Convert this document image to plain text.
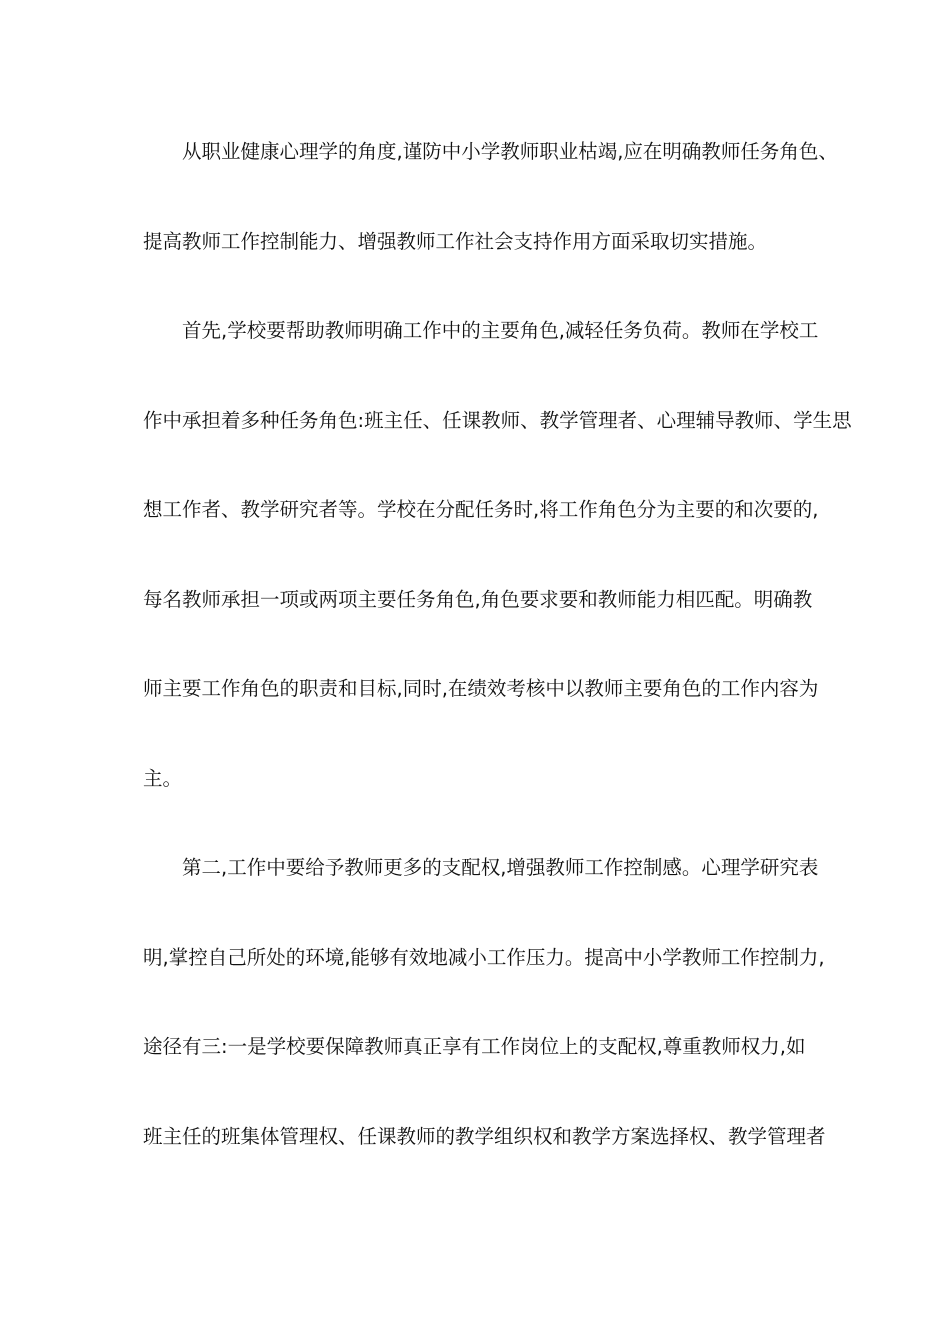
从职业健康心理学的角度,谨防中小学教师职业枯竭,应在明确教师任务角色、
提高教师工作控制能力、增强教师工作社会支持作用方面采取切实措施。
首先,学校要帮助教师明确工作中的主要角色,减轻任务负荷。教师在学校工
作中承担着多种任务角色:班主任、任课教师、教学管理者、心理辅导教师、学生思
想工作者、教学研究者等。学校在分配任务时,将工作角色分为主要的和次要的,
每名教师承担一项或两项主要任务角色,角色要求要和教师能力相匹配。明确教
师主要工作角色的职责和目标,同时,在绩效考核中以教师主要角色的工作内容为
主。
第二,工作中要给予教师更多的支配权,增强教师工作控制感。心理学研究表
明,掌控自己所处的环境,能够有效地减小工作压力。提高中小学教师工作控制力,
途径有三:一是学校要保障教师真正享有工作岗位上的支配权,尊重教师权力,如
班主任的班集体管理权、任课教师的教学组织权和教学方案选择权、教学管理者
